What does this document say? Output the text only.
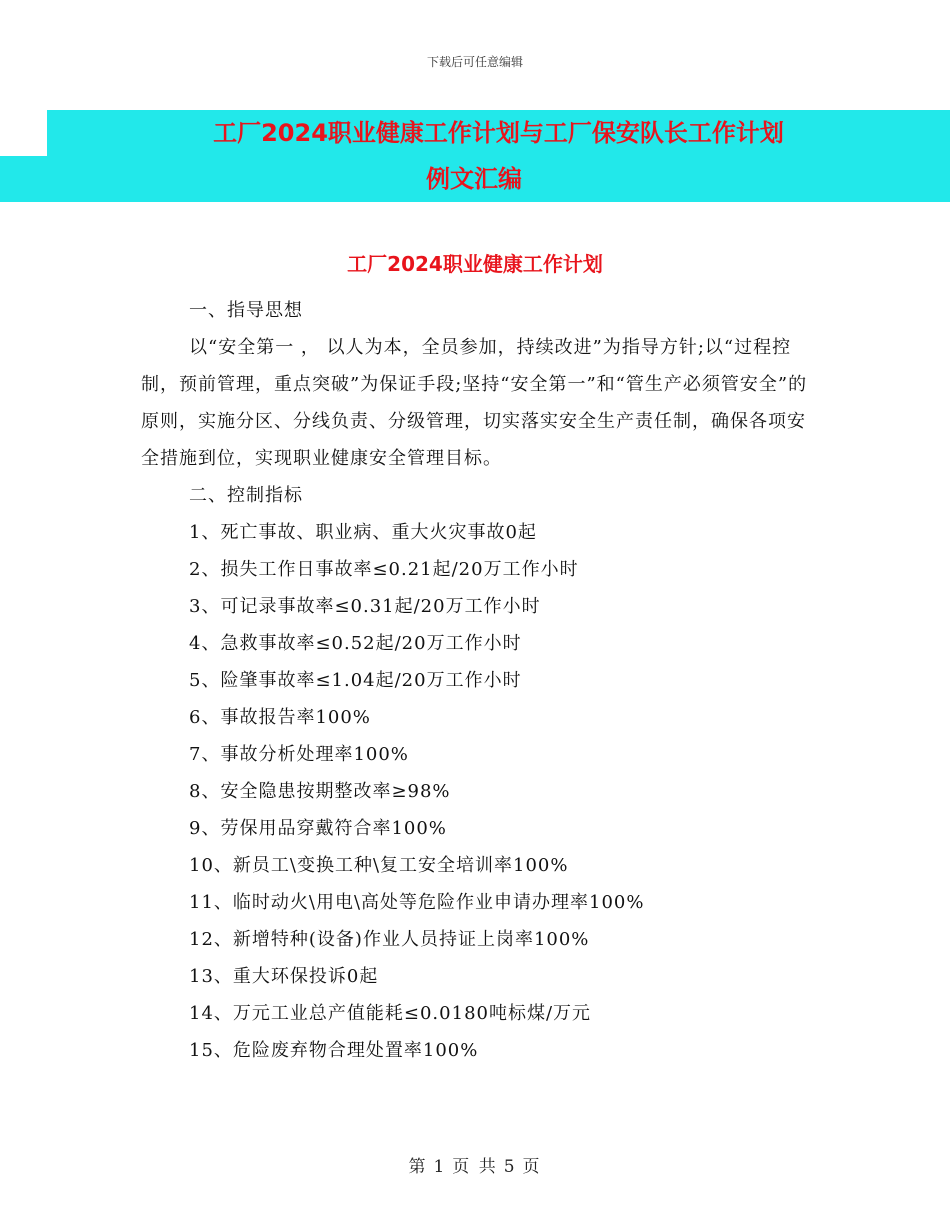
下载后可任意编辑
工厂2024职业健康工作计划与工厂保安队长工作计划
例文汇编
工厂2024职业健康工作计划

一、指导思想

以“安全第一 ， 以人为本，全员参加，持续改进”为指导方针;以“过程控制，预前管理，重点突破”为保证手段;坚持“安全第一”和“管生产必须管安全”的原则，实施分区、分线负责、分级管理，切实落实安全生产责任制，确保各项安全措施到位，实现职业健康安全管理目标。

二、控制指标

1、死亡事故、职业病、重大火灾事故0起

2、损失工作日事故率≤0.21起/20万工作小时

3、可记录事故率≤0.31起/20万工作小时

4、急救事故率≤0.52起/20万工作小时

5、险肇事故率≤1.04起/20万工作小时

6、事故报告率100%

7、事故分析处理率100%

8、安全隐患按期整改率≥98%

9、劳保用品穿戴符合率100%

10、新员工\变换工种\复工安全培训率100%

11、临时动火\用电\高处等危险作业申请办理率100%

12、新增特种(设备)作业人员持证上岗率100%

13、重大环保投诉0起

14、万元工业总产值能耗≤0.0180吨标煤/万元

15、危险废弃物合理处置率100%

第 1 页 共 5 页
